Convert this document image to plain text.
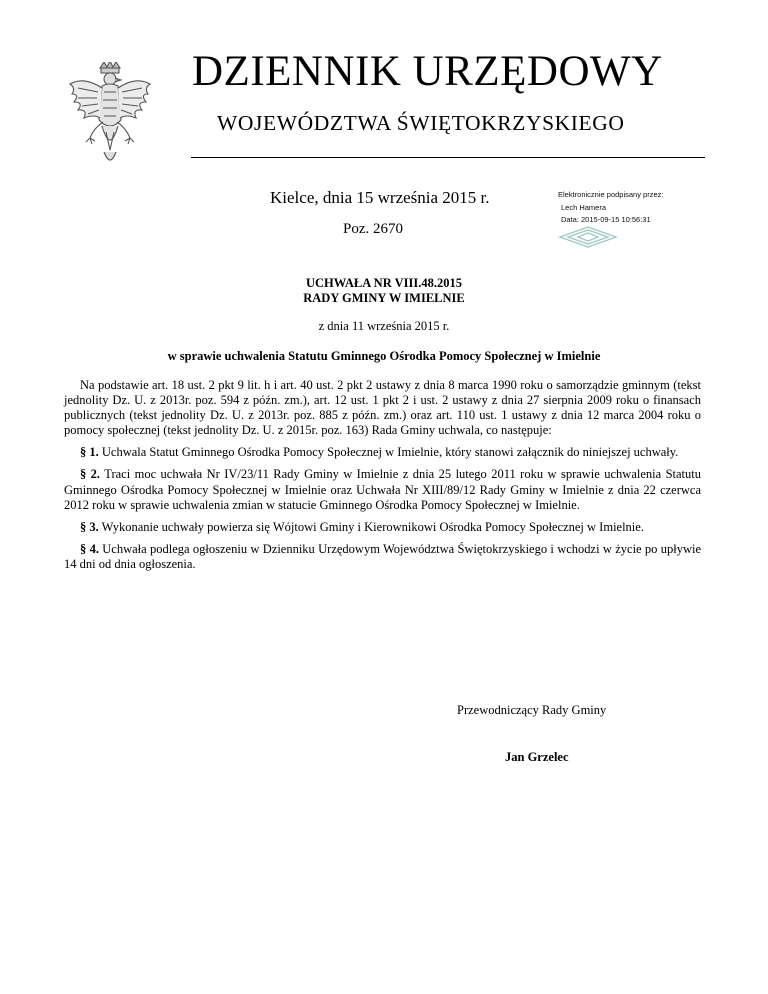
DZIENNIK URZĘDOWY
WOJEWÓDZTWA ŚWIĘTOKRZYSKIEGO
Kielce, dnia 15 września 2015 r.
Poz. 2670
Elektronicznie podpisany przez:
Lech Hamera
Data: 2015-09-15 10:56:31
UCHWAŁA NR VIII.48.2015
RADY GMINY W IMIELNIE
z dnia 11 września 2015 r.
w sprawie uchwalenia Statutu Gminnego Ośrodka Pomocy Społecznej w Imielnie

Na podstawie art. 18 ust. 2 pkt 9 lit. h i art. 40 ust. 2 pkt 2 ustawy z dnia 8 marca 1990 roku o samorządzie gminnym (tekst jednolity Dz. U. z 2013r. poz. 594 z późn. zm.), art. 12 ust. 1 pkt 2 i ust. 2 ustawy z dnia 27 sierpnia 2009 roku o finansach publicznych (tekst jednolity Dz. U. z 2013r. poz. 885 z późn. zm.) oraz art. 110 ust. 1 ustawy z dnia 12 marca 2004 roku o pomocy społecznej (tekst jednolity Dz. U. z 2015r. poz. 163) Rada Gminy uchwala, co następuje:

§ 1. Uchwala Statut Gminnego Ośrodka Pomocy Społecznej w Imielnie, który stanowi załącznik do niniejszej uchwały.

§ 2. Traci moc uchwała Nr IV/23/11 Rady Gminy w Imielnie z dnia 25 lutego 2011 roku w sprawie uchwalenia Statutu Gminnego Ośrodka Pomocy Społecznej w Imielnie oraz Uchwała Nr XIII/89/12 Rady Gminy w Imielnie z dnia 22 czerwca 2012 roku w sprawie uchwalenia zmian w statucie Gminnego Ośrodka Pomocy Społecznej w Imielnie.

§ 3. Wykonanie uchwały powierza się Wójtowi Gminy i Kierownikowi Ośrodka Pomocy Społecznej w Imielnie.

§ 4. Uchwała podlega ogłoszeniu w Dzienniku Urzędowym Województwa Świętokrzyskiego i wchodzi w życie po upływie 14 dni od dnia ogłoszenia.

Przewodniczący Rady Gminy
Jan Grzelec
